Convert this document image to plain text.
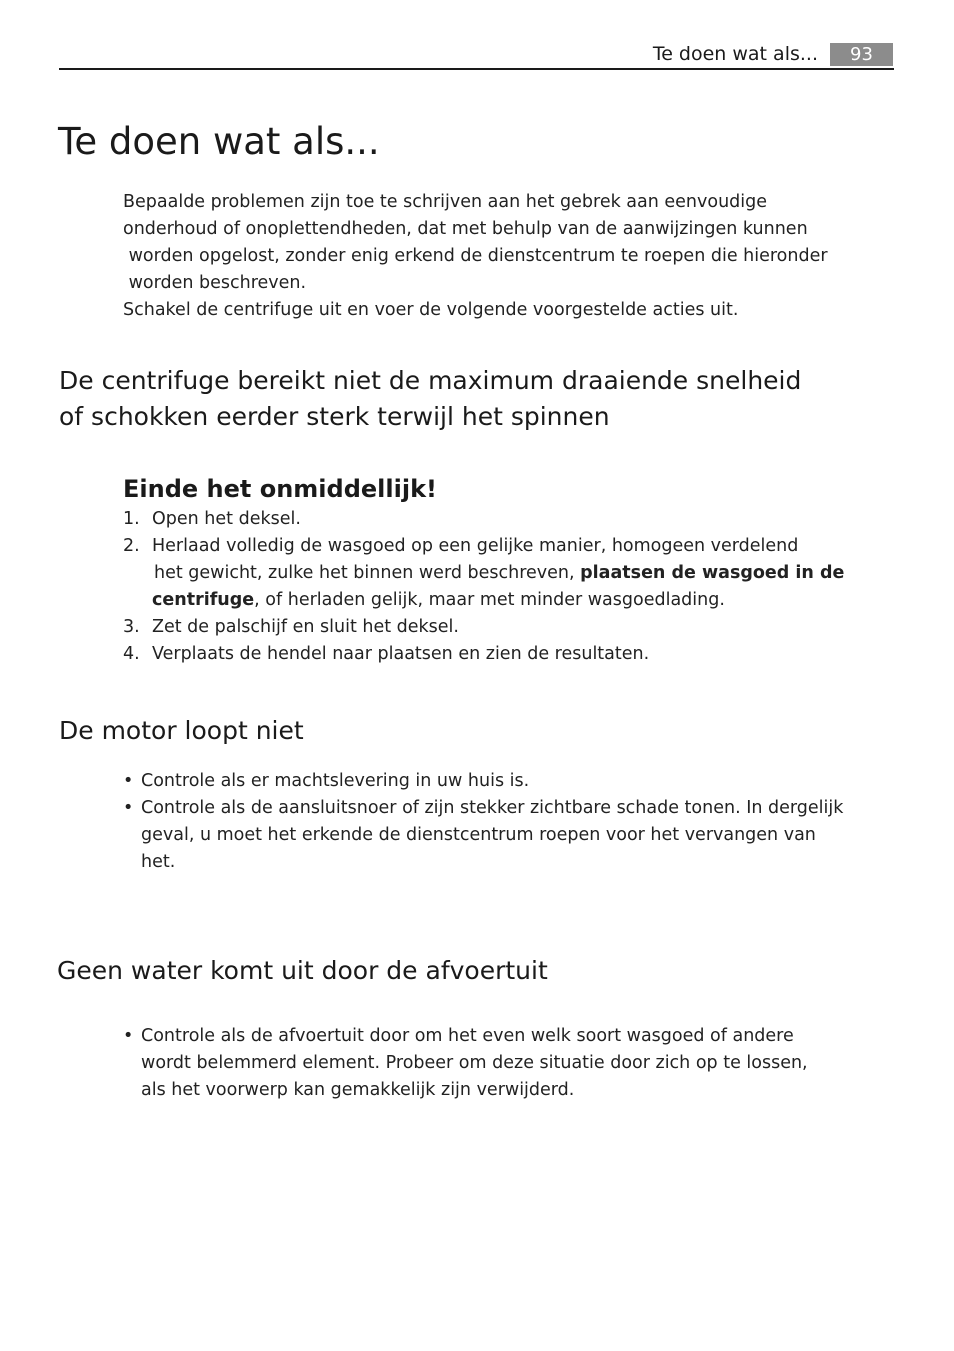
Te doen wat als...	93
Te doen wat als...
Bepaalde problemen zijn toe te schrijven aan het gebrek aan eenvoudige
onderhoud of onoplettendheden, dat met behulp van de aanwijzingen kunnen
worden opgelost, zonder enig erkend de dienstcentrum te roepen die hieronder
worden beschreven.
Schakel de centrifuge uit en voer de volgende voorgestelde acties uit.
De centrifuge bereikt niet de maximum draaiende snelheid
of schokken eerder sterk terwijl het spinnen
Einde het onmiddellijk!
1. Open het deksel.
2. Herlaad volledig de wasgoed op een gelijke manier, homogeen verdelend
het gewicht, zulke het binnen werd beschreven, plaatsen de wasgoed in de
centrifuge, of herladen gelijk, maar met minder wasgoedlading.
3. Zet de palschijf en sluit het deksel.
4. Verplaats de hendel naar plaatsen en zien de resultaten.
De motor loopt niet
• Controle als er machtslevering in uw huis is.
• Controle als de aansluitsnoer of zijn stekker zichtbare schade tonen. In dergelijk
geval, u moet het erkende de dienstcentrum roepen voor het vervangen van
het.
Geen water komt uit door de afvoertuit
• Controle als de afvoertuit door om het even welk soort wasgoed of andere
wordt belemmerd element. Probeer om deze situatie door zich op te lossen,
als het voorwerp kan gemakkelijk zijn verwijderd.
